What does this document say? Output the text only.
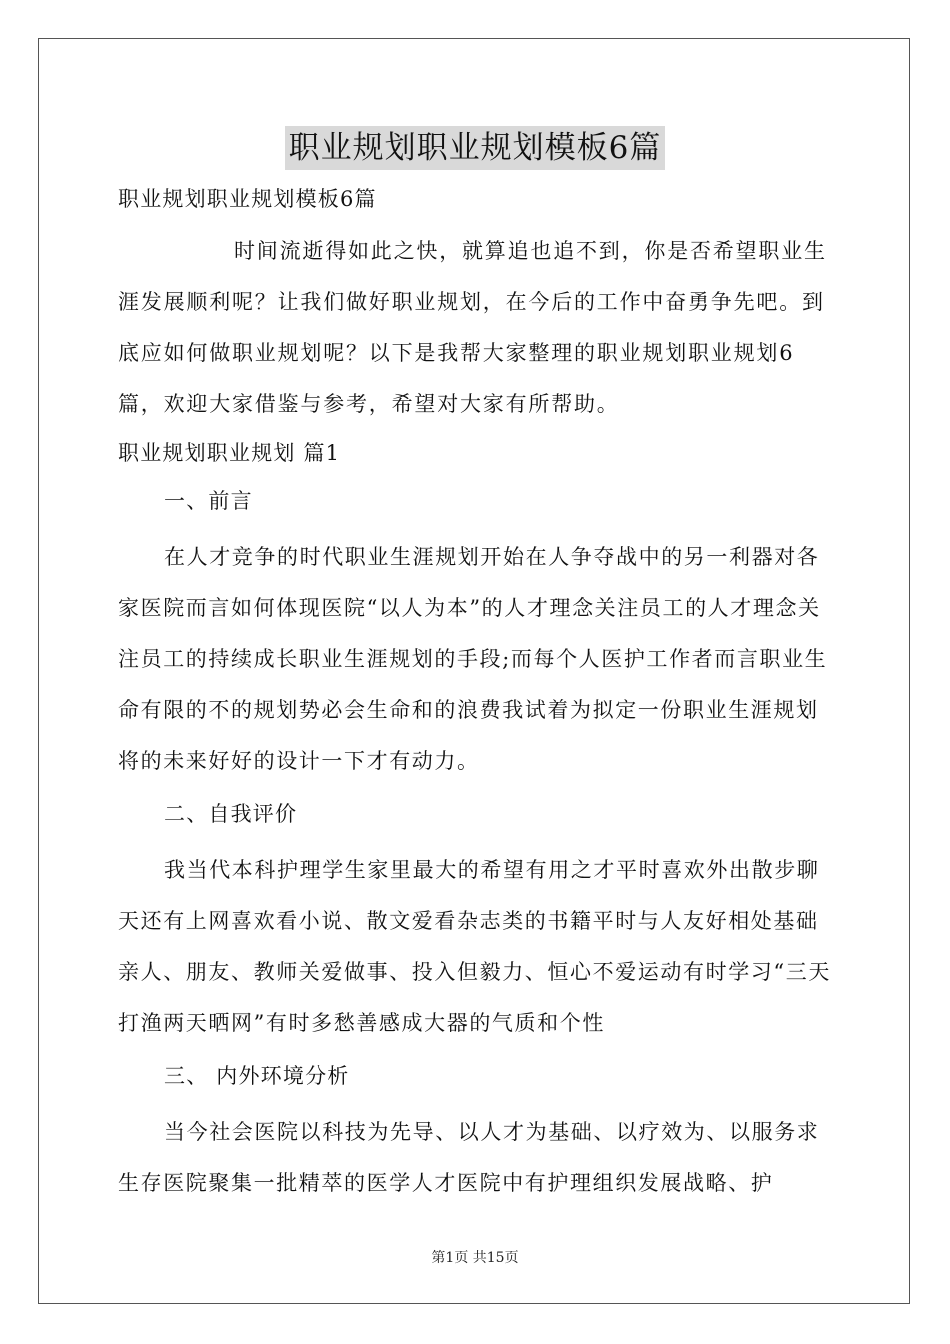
职业规划职业规划模板6篇

职业规划职业规划模板6篇

时间流逝得如此之快，就算追也追不到，你是否希望职业生涯发展顺利呢？让我们做好职业规划，在今后的工作中奋勇争先吧。到底应如何做职业规划呢？以下是我帮大家整理的职业规划职业规划6篇，欢迎大家借鉴与参考，希望对大家有所帮助。

职业规划职业规划 篇1

一、前言

在人才竞争的时代职业生涯规划开始在人争夺战中的另一利器对各家医院而言如何体现医院“以人为本”的人才理念关注员工的人才理念关注员工的持续成长职业生涯规划的手段;而每个人医护工作者而言职业生命有限的不的规划势必会生命和的浪费我试着为拟定一份职业生涯规划将的未来好好的设计一下才有动力。

二、自我评价

我当代本科护理学生家里最大的希望有用之才平时喜欢外出散步聊天还有上网喜欢看小说、散文爱看杂志类的书籍平时与人友好相处基础亲人、朋友、教师关爱做事、投入但毅力、恒心不爱运动有时学习“三天打渔两天晒网”有时多愁善感成大器的气质和个性

三、 内外环境分析

当今社会医院以科技为先导、以人才为基础、以疗效为、以服务求生存医院聚集一批精萃的医学人才医院中有护理组织发展战略、护

第1页 共15页
